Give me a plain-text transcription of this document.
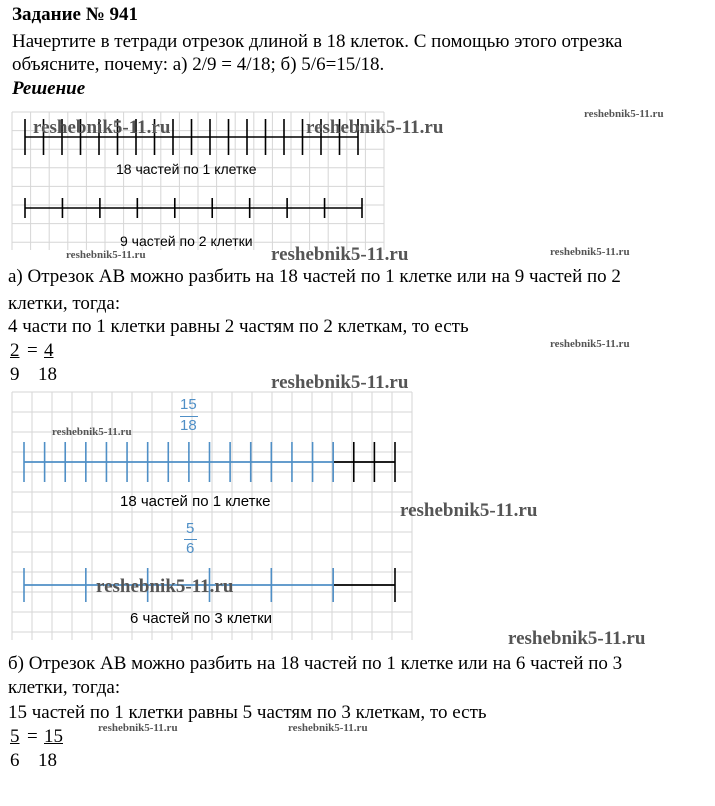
Задание № 941
Начертите в тетради отрезок длиной в 18 клеток. С помощью этого отрезка
объясните, почему: а) 2/9 = 4/18; б) 5/6=15/18.
Решение
18 частей по 1 клетке
9 частей по 2 клетки
а) Отрезок AB можно разбить на 18 частей по 1 клетке или на 9 частей по 2
клетки, тогда:
4 части по 1 клетки равны 2 частям по 2 клеткам, то есть
2 = 4
9 18
15
18
18 частей по 1 клетке
5
6
6 частей по 3 клетки
б) Отрезок AB можно разбить на 18 частей по 1 клетке или на 6 частей по 3
клетки, тогда:
15 частей по 1 клетки равны 5 частям по 3 клеткам, то есть
5 = 15
6 18
reshebnik5-11.ru	reshebnik5-11.ru
reshebnik5-11.ru
reshebnik5-11.ru	reshebnik5-11.ru	reshebnik5-11.ru
reshebnik5-11.ru
reshebnik5-11.ru
reshebnik5-11.ru
reshebnik5-11.ru
reshebnik5-11.ru
reshebnik5-11.ru
reshebnik5-11.ru	reshebnik5-11.ru
